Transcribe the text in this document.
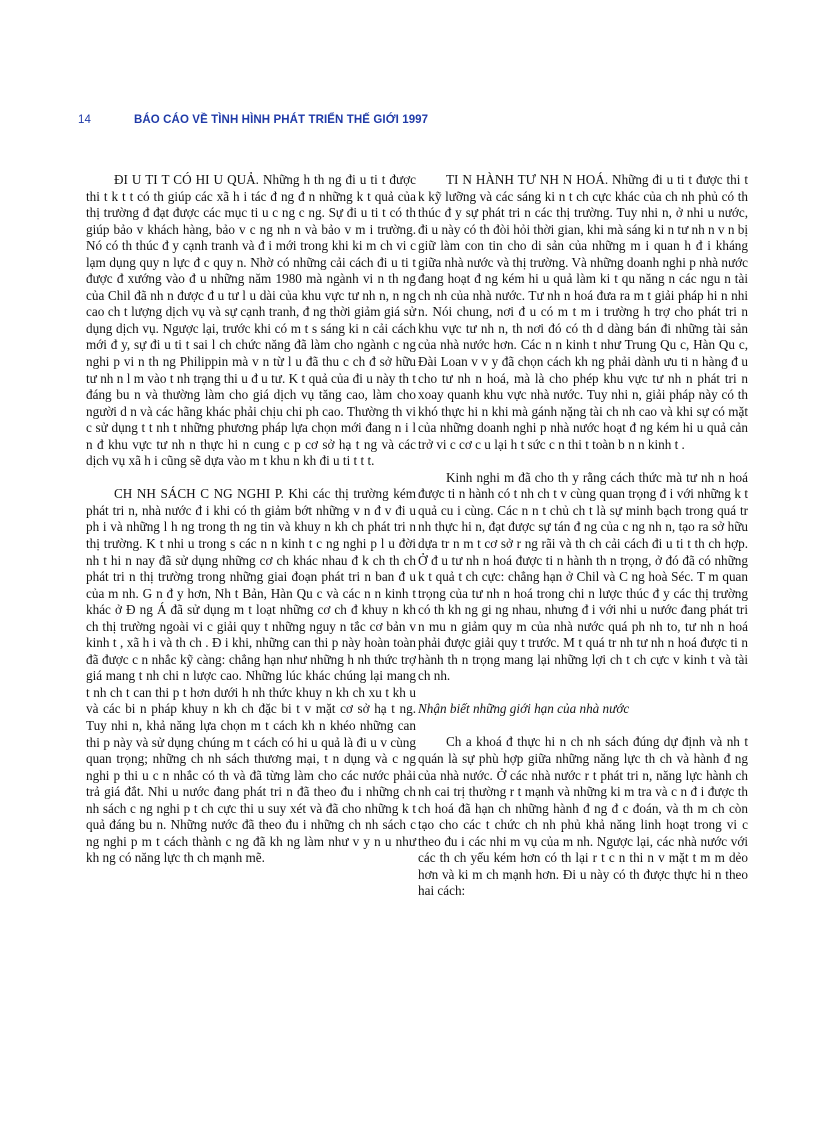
14	BÁO CÁO VỀ TÌNH HÌNH PHÁT TRIỂN THẾ GIỚI 1997

ĐI U TI T CÓ HI U QUẢ. Những h th ng đi u ti t được thi t k t t có th giúp các xã h i tác đ ng đ n những k t quả của thị trường đ đạt được các mục ti u c ng c ng. Sự đi u ti t có th giúp bảo v khách hàng, bảo v c ng nh n và bảo v m i trường. Nó có th thúc đ y cạnh tranh và đ i mới trong khi ki m ch vi c lạm dụng quy n lực đ c quy n. Nhờ có những cải cách đi u ti t được đ xướng vào đ u những năm 1980 mà ngành vi n th ng của Chil đã nh n được đ u tư l u dài của khu vực tư nh n, n ng cao ch t lượng dịch vụ và sự cạnh tranh, đ ng thời giảm giá sử dụng dịch vụ. Ngược lại, trước khi có m t s sáng ki n cải cách mới đ y, sự đi u ti t sai l ch chức năng đã làm cho ngành c ng nghi p vi n th ng Philippin mà v n từ l u đã thu c ch đ sở hữu tư nh n l m vào t nh trạng thi u đ u tư. K t quả của đi u này th t đáng bu n và thường làm cho giá dịch vụ tăng cao, làm cho người d n và các hãng khác phải chịu chi ph cao. Thường th vi c sử dụng t t nh t những phương pháp lựa chọn mới đang n i l n đ khu vực tư nh n thực hi n cung c p cơ sở hạ t ng và các dịch vụ xã h i cũng sẽ dựa vào m t khu n kh đi u ti t t t.

CH NH SÁCH C NG NGHI P. Khi các thị trường kém phát tri n, nhà nước đ i khi có th giảm bớt những v n đ v đi u ph i và những l h ng trong th ng tin và khuy n kh ch phát tri n thị trường. K t nhi u trong s các n n kinh t c ng nghi p l u đời nh t hi n nay đã sử dụng những cơ ch khác nhau đ k ch th ch phát tri n thị trường trong những giai đoạn phát tri n ban đ u của m nh. G n đ y hơn, Nh t Bản, Hàn Qu c và các n n kinh t khác ở Đ ng Á đã sử dụng m t loạt những cơ ch đ khuy n kh ch thị trường ngoài vi c giải quy t những nguy n tắc cơ bản v kinh t , xã h i và th ch . Đ i khi, những can thi p này hoàn toàn đã được c n nhắc kỹ càng: chẳng hạn như những h nh thức trợ giá mang t nh chi n lược cao. Những lúc khác chúng lại mang t nh ch t can thi p t hơn dưới h nh thức khuy n kh ch xu t kh u và các bi n pháp khuy n kh ch đặc bi t v mặt cơ sở hạ t ng. Tuy nhi n, khả năng lựa chọn m t cách kh n khéo những can thi p này và sử dụng chúng m t cách có hi u quả là đi u v cùng quan trọng; những ch nh sách thương mại, t n dụng và c ng nghi p thi u c n nhắc có th và đã từng làm cho các nước phải trả giá đắt. Nhi u nước đang phát tri n đã theo đu i những ch nh sách c ng nghi p t ch cực thi u suy xét và đã cho những k t quả đáng bu n. Những nước đã theo đu i những ch nh sách c ng nghi p m t cách thành c ng đã kh ng làm như v y n u như kh ng có năng lực th ch mạnh mẽ.

TI N HÀNH TƯ NH N HOÁ. Những đi u ti t được thi t k kỹ lưỡng và các sáng ki n t ch cực khác của ch nh phủ có th thúc đ y sự phát tri n các thị trường. Tuy nhi n, ở nhi u nước, đi u này có th đòi hỏi thời gian, khi mà sáng ki n tư nh n v n bị giữ làm con tin cho di sản của những m i quan h đ i kháng giữa nhà nước và thị trường. Và những doanh nghi p nhà nước đang hoạt đ ng kém hi u quả làm ki t qu năng n các ngu n tài ch nh của nhà nước. Tư nh n hoá đưa ra m t giải pháp hi n nhi n. Nói chung, nơi đ u có m t m i trường h trợ cho phát tri n khu vực tư nh n, th nơi đó có th d dàng bán đi những tài sản của nhà nước hơn. Các n n kinh t như Trung Qu c, Hàn Qu c, Đài Loan v v y đã chọn cách kh ng phải dành ưu ti n hàng đ u cho tư nh n hoá, mà là cho phép khu vực tư nh n phát tri n xoay quanh khu vực nhà nước. Tuy nhi n, giải pháp này có th khó thực hi n khi mà gánh nặng tài ch nh cao và khi sự có mặt của những doanh nghi p nhà nước hoạt đ ng kém hi u quả cản trở vi c cơ c u lại h t sức c n thi t toàn b n n kinh t .

Kinh nghi m đã cho th y rằng cách thức mà tư nh n hoá được ti n hành có t nh ch t v cùng quan trọng đ i với những k t quả cu i cùng. Các n n t chủ ch t là sự minh bạch trong quá tr nh thực hi n, đạt được sự tán đ ng của c ng nh n, tạo ra sở hữu dựa tr n m t cơ sở r ng rãi và th ch cải cách đi u ti t th ch hợp. Ở đ u tư nh n hoá được ti n hành th n trọng, ở đó đã có những k t quả t ch cực: chẳng hạn ở Chil và C ng hoà Séc. T m quan trọng của tư nh n hoá trong chi n lược thúc đ y các thị trường có th kh ng gi ng nhau, nhưng đ i với nhi u nước đang phát tri n mu n giảm quy m của nhà nước quá ph nh to, tư nh n hoá phải được giải quy t trước. M t quá tr nh tư nh n hoá được ti n hành th n trọng mang lại những lợi ch t ch cực v kinh t và tài ch nh.

Nhận biết những giới hạn của nhà nước

Ch a khoá đ thực hi n ch nh sách đúng dự định và nh t quán là sự phù hợp giữa những năng lực th ch và hành đ ng của nhà nước. Ở các nhà nước r t phát tri n, năng lực hành ch nh cai trị thường r t mạnh và những ki m tra và c n đ i được th ch hoá đã hạn ch những hành đ ng đ c đoán, và th m ch còn tạo cho các t chức ch nh phủ khả năng linh hoạt trong vi c theo đu i các nhi m vụ của m nh. Ngược lại, các nhà nước với các th ch yếu kém hơn có th lại r t c n thi n v mặt t m m dẻo hơn và ki m ch mạnh hơn. Đi u này có th được thực hi n theo hai cách:
